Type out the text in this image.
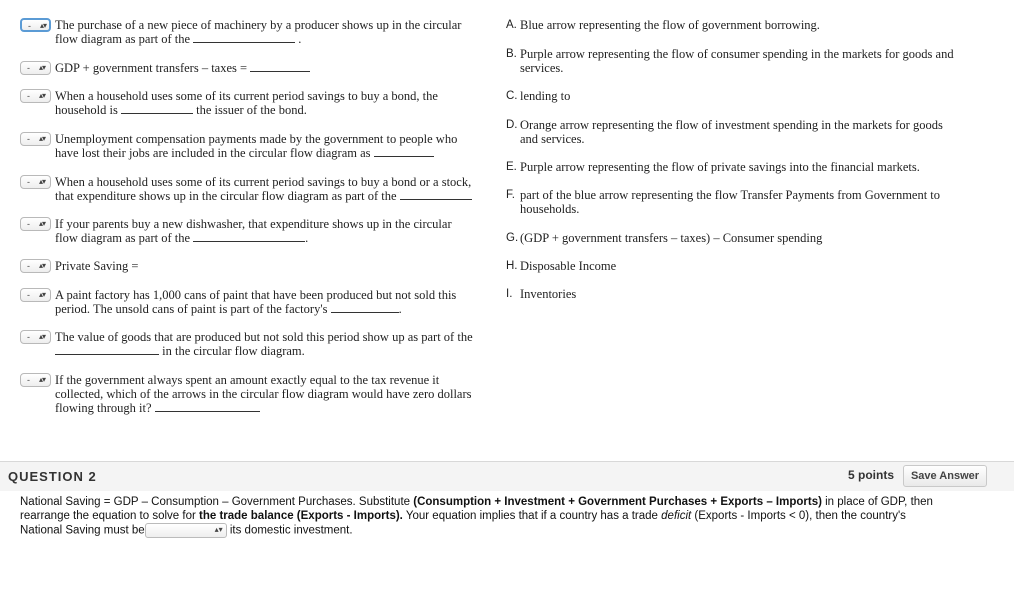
- ▴▾ The purchase of a new piece of machinery by a producer shows up in the circular
flow diagram as part of the	.
- ▴▾ GDP + government transfers – taxes =
- ▴▾ When a household uses some of its current period savings to buy a bond, the
household is	the issuer of the bond.
- ▴▾ Unemployment compensation payments made by the government to people who
have lost their jobs are included in the circular flow diagram as
- ▴▾ When a household uses some of its current period savings to buy a bond or a stock,
that expenditure shows up in the circular flow diagram as part of the
- ▴▾ If your parents buy a new dishwasher, that expenditure shows up in the circular
flow diagram as part of the	.
- ▴▾ Private Saving =
- ▴▾ A paint factory has 1,000 cans of paint that have been produced but not sold this
period. The unsold cans of paint is part of the factory's	.
- ▴▾ The value of goods that are produced but not sold this period show up as part of the
in the circular flow diagram.
- ▴▾ If the government always spent an amount exactly equal to the tax revenue it
collected, which of the arrows in the circular flow diagram would have zero dollars
flowing through it?
A. Blue arrow representing the flow of government borrowing.
B. Purple arrow representing the flow of consumer spending in the markets for goods and
services.
C. lending to
D. Orange arrow representing the flow of investment spending in the markets for goods
and services.
E. Purple arrow representing the flow of private savings into the financial markets.
F. part of the blue arrow representing the flow Transfer Payments from Government to
households.
G. (GDP + government transfers – taxes) – Consumer spending
H. Disposable Income
I. Inventories
QUESTION 2	5 points	Save Answer
National Saving = GDP – Consumption – Government Purchases. Substitute (Consumption + Investment + Government Purchases + Exports – Imports) in place of GDP, then
rearrange the equation to solve for the trade balance (Exports - Imports). Your equation implies that if a country has a trade deficit (Exports - Imports < 0), then the country's
National Saving must be	▴▾ its domestic investment.
